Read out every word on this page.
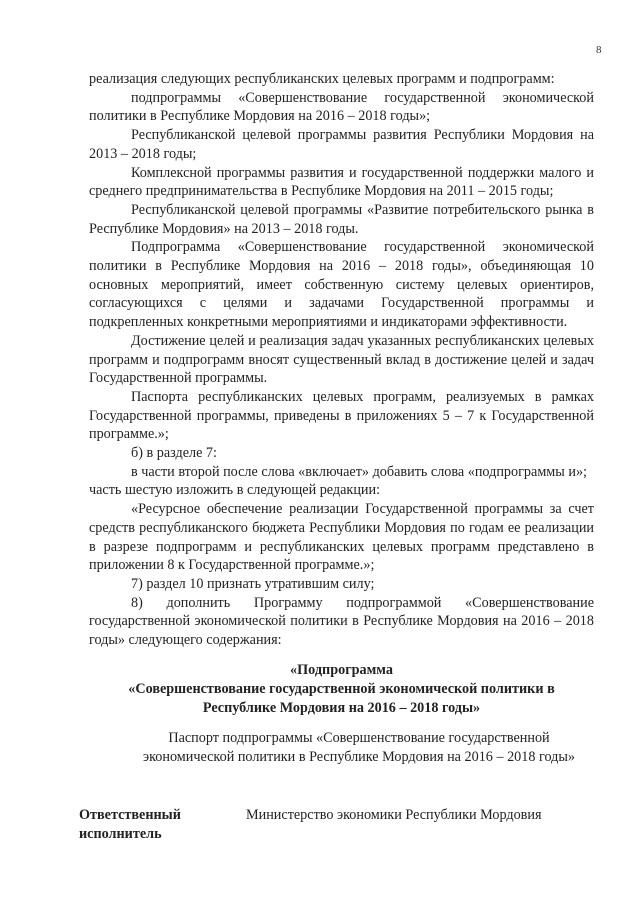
8

реализация следующих республиканских целевых программ и подпрограмм:

подпрограммы «Совершенствование государственной экономической политики в Республике Мордовия на 2016 – 2018 годы»;

Республиканской целевой программы развития Республики Мордовия на 2013 – 2018 годы;

Комплексной программы развития и государственной поддержки малого и среднего предпринимательства в Республике Мордовия на 2011 – 2015 годы;

Республиканской целевой программы «Развитие потребительского рынка в Республике Мордовия» на 2013 – 2018 годы.

Подпрограмма «Совершенствование государственной экономической политики в Республике Мордовия на 2016 – 2018 годы», объединяющая 10 основных мероприятий, имеет собственную систему целевых ориентиров, согласующихся с целями и задачами Государственной программы и подкрепленных конкретными мероприятиями и индикаторами эффективности.

Достижение целей и реализация задач указанных республиканских целевых программ и подпрограмм вносят существенный вклад в достижение целей и задач Государственной программы.

Паспорта республиканских целевых программ, реализуемых в рамках Государственной программы, приведены в приложениях 5 – 7 к Государственной программе.»;

б) в разделе 7:

в части второй после слова «включает» добавить слова «подпрограммы и»;

часть шестую изложить в следующей редакции:

«Ресурсное обеспечение реализации Государственной программы за счет средств республиканского бюджета Республики Мордовия по годам ее реализации в разрезе подпрограмм и республиканских целевых программ представлено в приложении 8 к Государственной программе.»;

7) раздел 10 признать утратившим силу;

8) дополнить Программу подпрограммой «Совершенствование государственной экономической политики в Республике Мордовия на 2016 – 2018 годы» следующего содержания:

«Подпрограмма
«Совершенствование государственной экономической политики в
Республике Мордовия на 2016 – 2018 годы»
Паспорт подпрограммы «Совершенствование государственной
экономической политики в Республике Мордовия на 2016 – 2018 годы»
Ответственный
исполнитель
Министерство экономики Республики Мордовия
